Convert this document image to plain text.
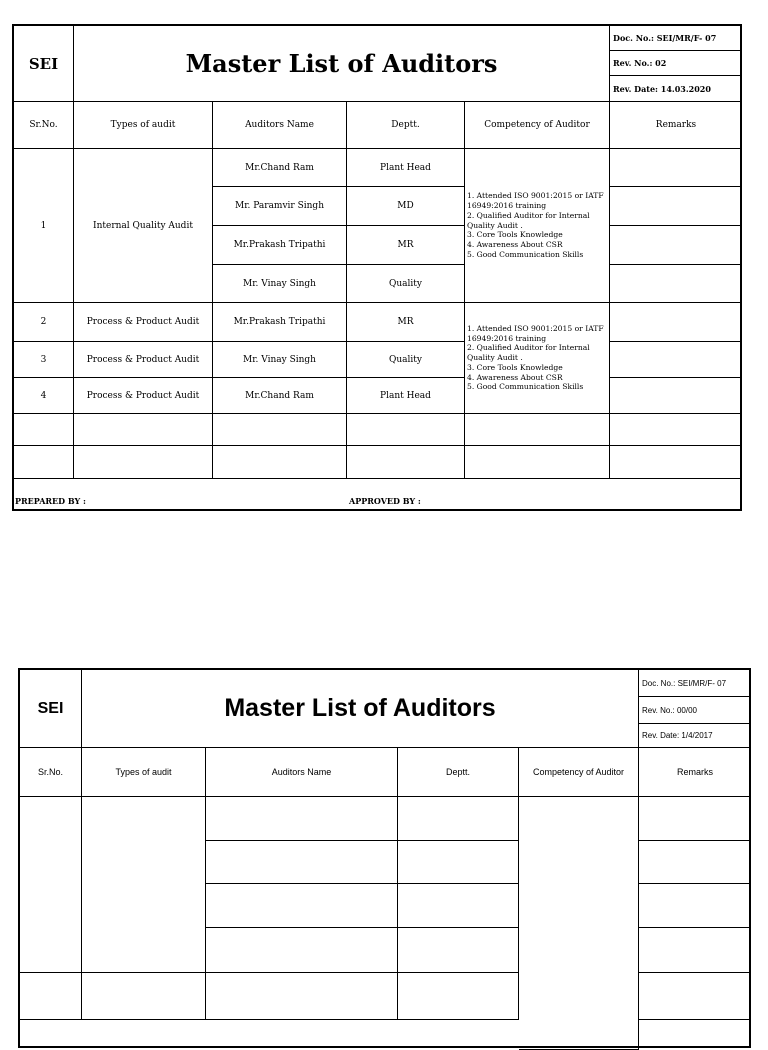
SEI	Master List of Auditors
Doc. No.: SEI/MR/F- 07
Rev. No.: 02
Rev. Date: 14.03.2020
Sr.No.	Types of audit	Auditors Name	Deptt.	Competency of Auditor	Remarks
1	Internal Quality Audit
Mr.Chand Ram	Plant Head
Mr. Paramvir Singh	MD
Mr.Prakash Tripathi	MR
Mr. Vinay Singh	Quality
1. Attended ISO 9001:2015 or IATF 16949:2016 training
2. Qualified Auditor for Internal Quality Audit .
3. Core Tools Knowledge
4. Awareness About CSR
5. Good Communication Skills
2	Process & Product Audit	Mr.Prakash Tripathi	MR
3	Process & Product Audit	Mr. Vinay Singh	Quality
4	Process & Product Audit	Mr.Chand Ram	Plant Head
1. Attended ISO 9001:2015 or IATF 16949:2016 training
2. Qualified Auditor for Internal Quality Audit .
3. Core Tools Knowledge
4. Awareness About CSR
5. Good Communication Skills
PREPARED BY :	APPROVED BY :
SEI	Master List of Auditors
Doc. No.: SEI/MR/F- 07
Rev. No.: 00/00
Rev. Date: 1/4/2017
Sr.No.	Types of audit	Auditors Name	Deptt.	Competency of Auditor	Remarks
